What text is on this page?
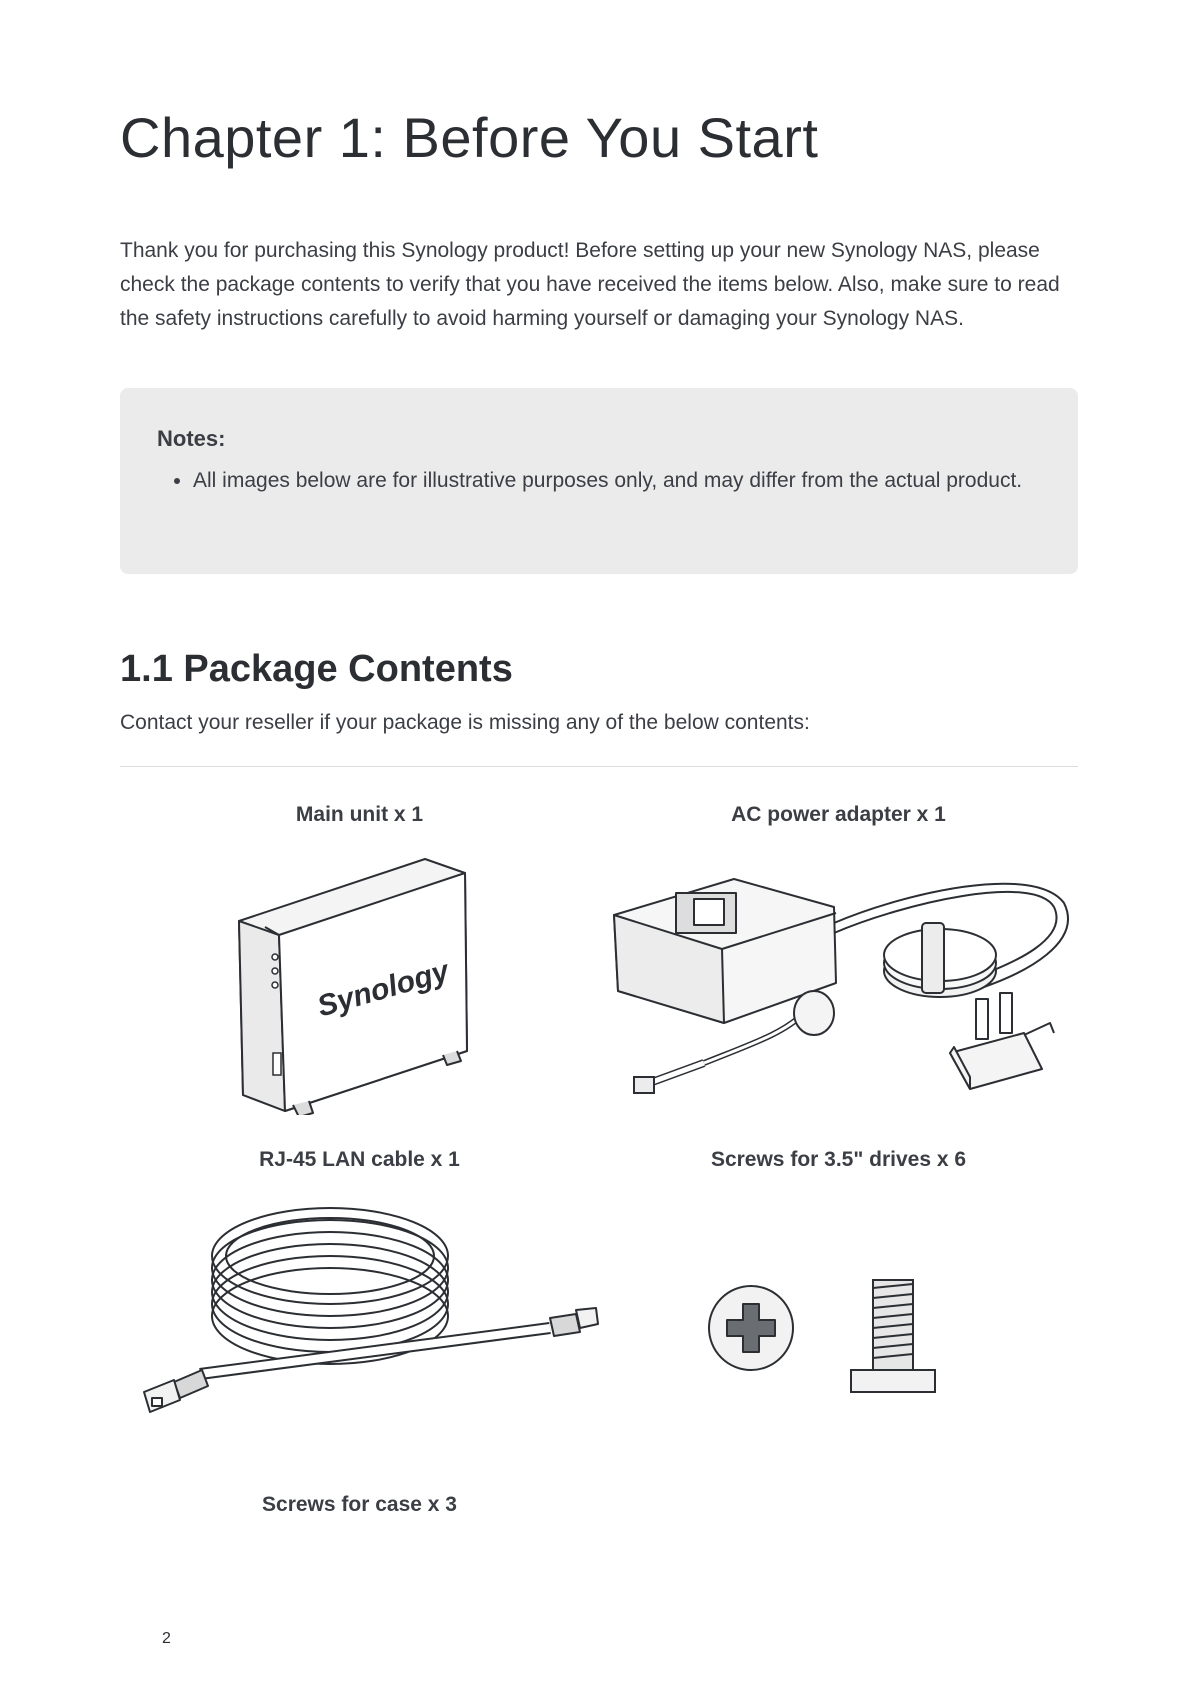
Chapter 1: Before You Start

Thank you for purchasing this Synology product! Before setting up your new Synology NAS, please check the package contents to verify that you have received the items below. Also, make sure to read the safety instructions carefully to avoid harming yourself or damaging your Synology NAS.

Notes:

• All images below are for illustrative purposes only, and may differ from the actual product.
1.1 Package Contents

Contact your reseller if your package is missing any of the below contents:

Main unit x 1
Synology
AC power adapter x 1
RJ-45 LAN cable x 1	Screws for 3.5" drives x 6
Screws for case x 3
2
